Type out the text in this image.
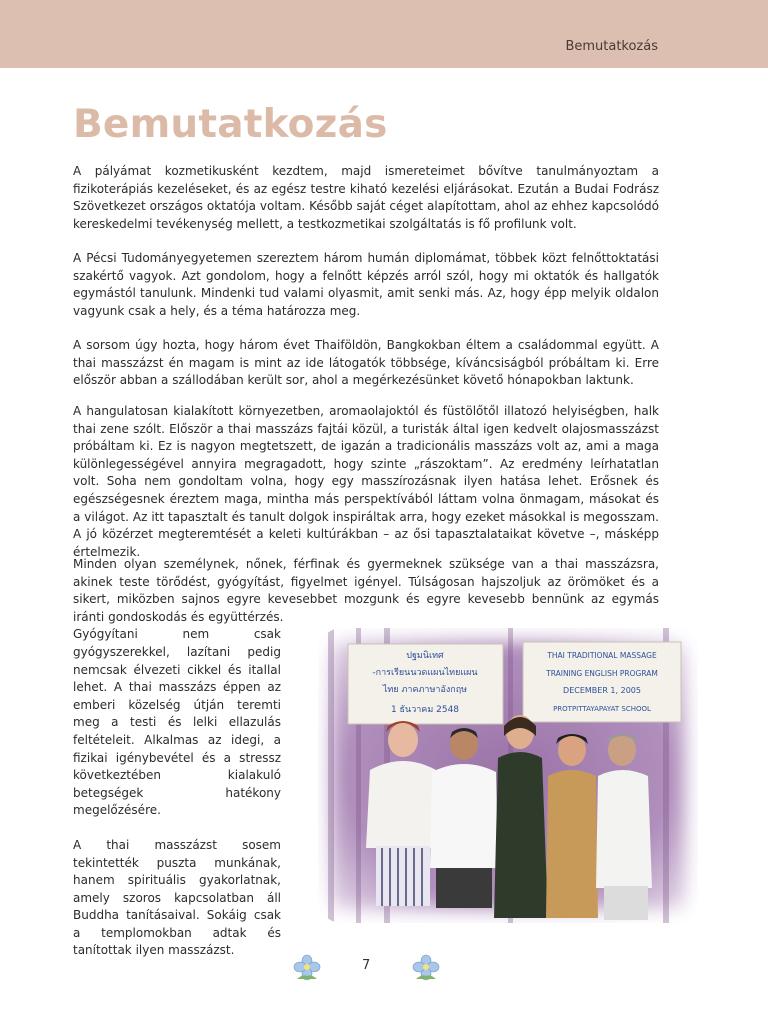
Bemutatkozás
Bemutatkozás

A pályámat kozmetikusként kezdtem, majd ismereteimet bővítve tanulmányoztam a fizikoterápiás kezeléseket, és az egész testre kiható kezelési eljárásokat. Ezután a Budai Fodrász Szövetkezet országos oktatója voltam. Később saját céget alapítottam, ahol az ehhez kapcsolódó kereskedelmi tevékenység mellett, a testkozmetikai szolgáltatás is fő profilunk volt.

A Pécsi Tudományegyetemen szereztem három humán diplomámat, többek közt felnőttoktatási szakértő vagyok. Azt gondolom, hogy a felnőtt képzés arról szól, hogy mi oktatók és hallgatók egymástól tanulunk. Mindenki tud valami olyasmit, amit senki más. Az, hogy épp melyik oldalon vagyunk csak a hely, és a téma határozza meg.

A sorsom úgy hozta, hogy három évet Thaiföldön, Bangkokban éltem a családommal együtt. A thai masszázst én magam is mint az ide látogatók többsége, kíváncsiságból próbáltam ki. Erre először abban a szállodában került sor, ahol a megérkezésünket követő hónapokban laktunk.

A hangulatosan kialakított környezetben, aromaolajoktól és füstölőtől illatozó helyiségben, halk thai zene szólt. Először a thai masszázs fajtái közül, a turisták által igen kedvelt olajosmasszázst próbáltam ki. Ez is nagyon megtetszett, de igazán a tradicionális masszázs volt az, ami a maga különlegességével annyira megragadott, hogy szinte „rászoktam”. Az eredmény leírhatatlan volt. Soha nem gondoltam volna, hogy egy masszírozásnak ilyen hatása lehet. Erősnek és egészségesnek éreztem maga, mintha más perspektívából láttam volna önmagam, másokat és a világot. Az itt tapasztalt és tanult dolgok inspiráltak arra, hogy ezeket másokkal is megosszam. A jó közérzet megteremtését a keleti kultúrákban – az ősi tapasztalataikat követve –, másképp értelmezik.

Minden olyan személynek, nőnek, férfinak és gyermeknek szüksége van a thai masszázsra, akinek teste törődést, gyógyítást, figyelmet igényel. Túlságosan hajszoljuk az örömöket és a sikert, miközben sajnos egyre kevesebbet mozgunk és egyre kevesebb bennünk az egymás iránti gondoskodás és együttérzés.

Gyógyítani nem csak gyógyszerekkel, lazítani pedig nemcsak élvezeti cikkel és itallal lehet. A thai masszázs éppen az emberi közelség útján teremti meg a testi és lelki ellazulás feltételeit. Alkalmas az idegi, a fizikai igénybevétel és a stressz következtében kialakuló betegségek hatékony megelőzésére.

A thai masszázst sosem tekintették puszta munkának, hanem spirituális gyakorlatnak, amely szoros kapcsolatban áll Buddha tanításaival. Sokáig csak a templomokban adtak és tanítottak ilyen masszázst.

ปฐมนิเทศ
-การเรียนนวดแผนไทยแผน
ไทย ภาคภาษาอังกฤษ
1 ธันวาคม 2548
THAI TRADITIONAL MASSAGE
TRAINING ENGLISH PROGRAM
DECEMBER 1, 2005
PROTPITTAYAPAYAT SCHOOL
7
